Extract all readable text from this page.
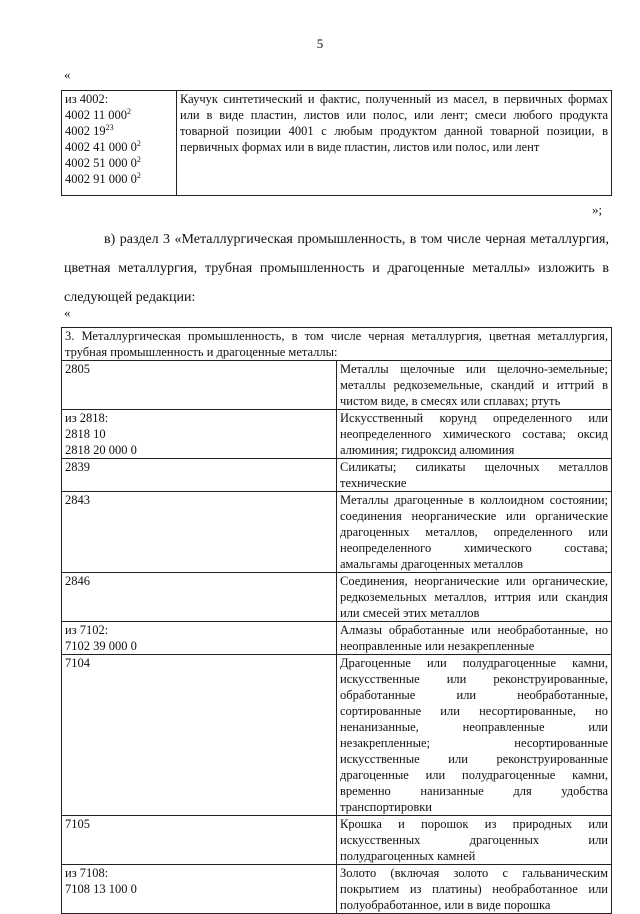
5
«
из 4002:
4002 11 $000^2$
4002 $19^{23}$
4002 41 000 $0^2$
4002 51 000 $0^2$
4002 91 000 $0^2$
	Каучук синтетический и фактис, полученный из масел, в первичных формах или в виде пластин, листов или полос, или лент; смеси любого продукта товарной позиции 4001 с любым продуктом данной товарной позиции, в первичных формах или в виде пластин, листов или полос, или лент
»;
в) раздел 3 «Металлургическая промышленность, в том числе черная металлургия, цветная металлургия, трубная промышленность и драгоценные металлы» изложить в следующей редакции:
«
3. Металлургическая промышленность, в том числе черная металлургия, цветная металлургия, трубная промышленность и драгоценные металлы:	

2805	Металлы щелочные или щелочно-земельные; металлы редкоземельные, скандий и иттрий в чистом виде, в смесях или сплавах; ртуть

из 2818:
2818 10
2818 20 000 0	Искусственный корунд определенного или неопределенного химического состава; оксид алюминия; гидроксид алюминия

2839	Силикаты; силикаты щелочных металлов технические

2843	Металлы драгоценные в коллоидном состоянии; соединения неорганические или органические драгоценных металлов, определенного или неопределенного химического состава; амальгамы драгоценных металлов

2846	Соединения, неорганические или органические, редкоземельных металлов, иттрия или скандия или смесей этих металлов

из 7102:
7102 39 000 0	Алмазы обработанные или необработанные, но неоправленные или незакрепленные

7104	Драгоценные или полудрагоценные камни, искусственные или реконструированные, обработанные или необработанные, сортированные или несортированные, но ненанизанные, неоправленные или незакрепленные; несортированные искусственные или реконструированные драгоценные или полудрагоценные камни, временно нанизанные для удобства транспортировки

7105	Крошка и порошок из природных или искусственных драгоценных или полудрагоценных камней

из 7108:
7108 13 100 0	Золото (включая золото с гальваническим покрытием из платины) необработанное или полуобработанное, или в виде порошка
